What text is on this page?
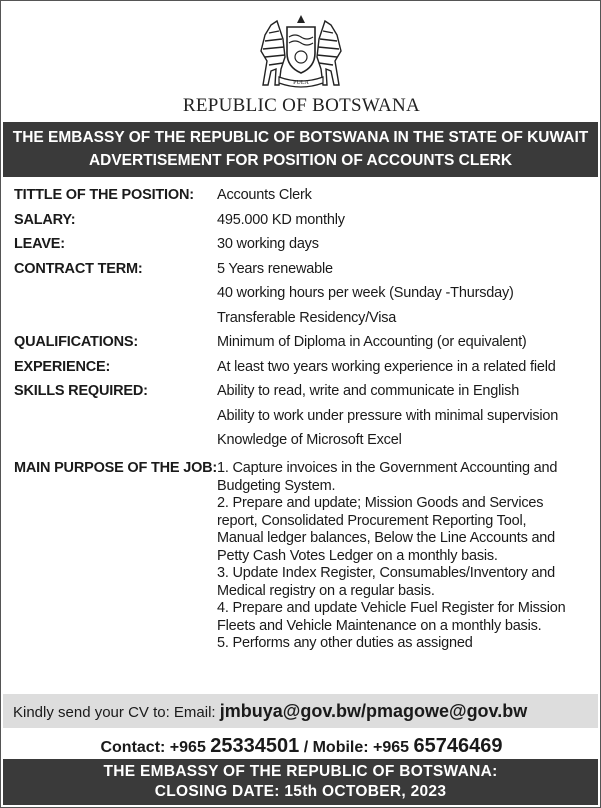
PULA
REPUBLIC OF BOTSWANA
THE EMBASSY OF THE REPUBLIC OF BOTSWANA IN THE STATE OF KUWAIT
ADVERTISEMENT FOR POSITION OF ACCOUNTS CLERK
TITTLE OF THE POSITION:	Accounts Clerk
SALARY:	495.000 KD monthly
LEAVE:	30 working days
CONTRACT TERM:	5 Years renewable
40 working hours per week (Sunday -Thursday)
Transferable Residency/Visa
QUALIFICATIONS:	Minimum of Diploma in Accounting (or equivalent)
EXPERIENCE:	At least two years working experience in a related field
SKILLS REQUIRED:	Ability to read, write and communicate in English
Ability to work under pressure with minimal supervision
Knowledge of Microsoft Excel
MAIN PURPOSE OF THE JOB: 1. Capture invoices in the Government Accounting and
Budgeting System.
2. Prepare and update; Mission Goods and Services
report, Consolidated Procurement Reporting Tool,
Manual ledger balances, Below the Line Accounts and
Petty Cash Votes Ledger on a monthly basis.
3. Update Index Register, Consumables/Inventory and
Medical registry on a regular basis.
4. Prepare and update Vehicle Fuel Register for Mission
Fleets and Vehicle Maintenance on a monthly basis.
5. Performs any other duties as assigned
Kindly send your CV to: Email: jmbuya@gov.bw/pmagowe@gov.bw
Contact: +965 25334501 / Mobile: +965 65746469
THE EMBASSY OF THE REPUBLIC OF BOTSWANA:
CLOSING DATE: 15th OCTOBER, 2023
